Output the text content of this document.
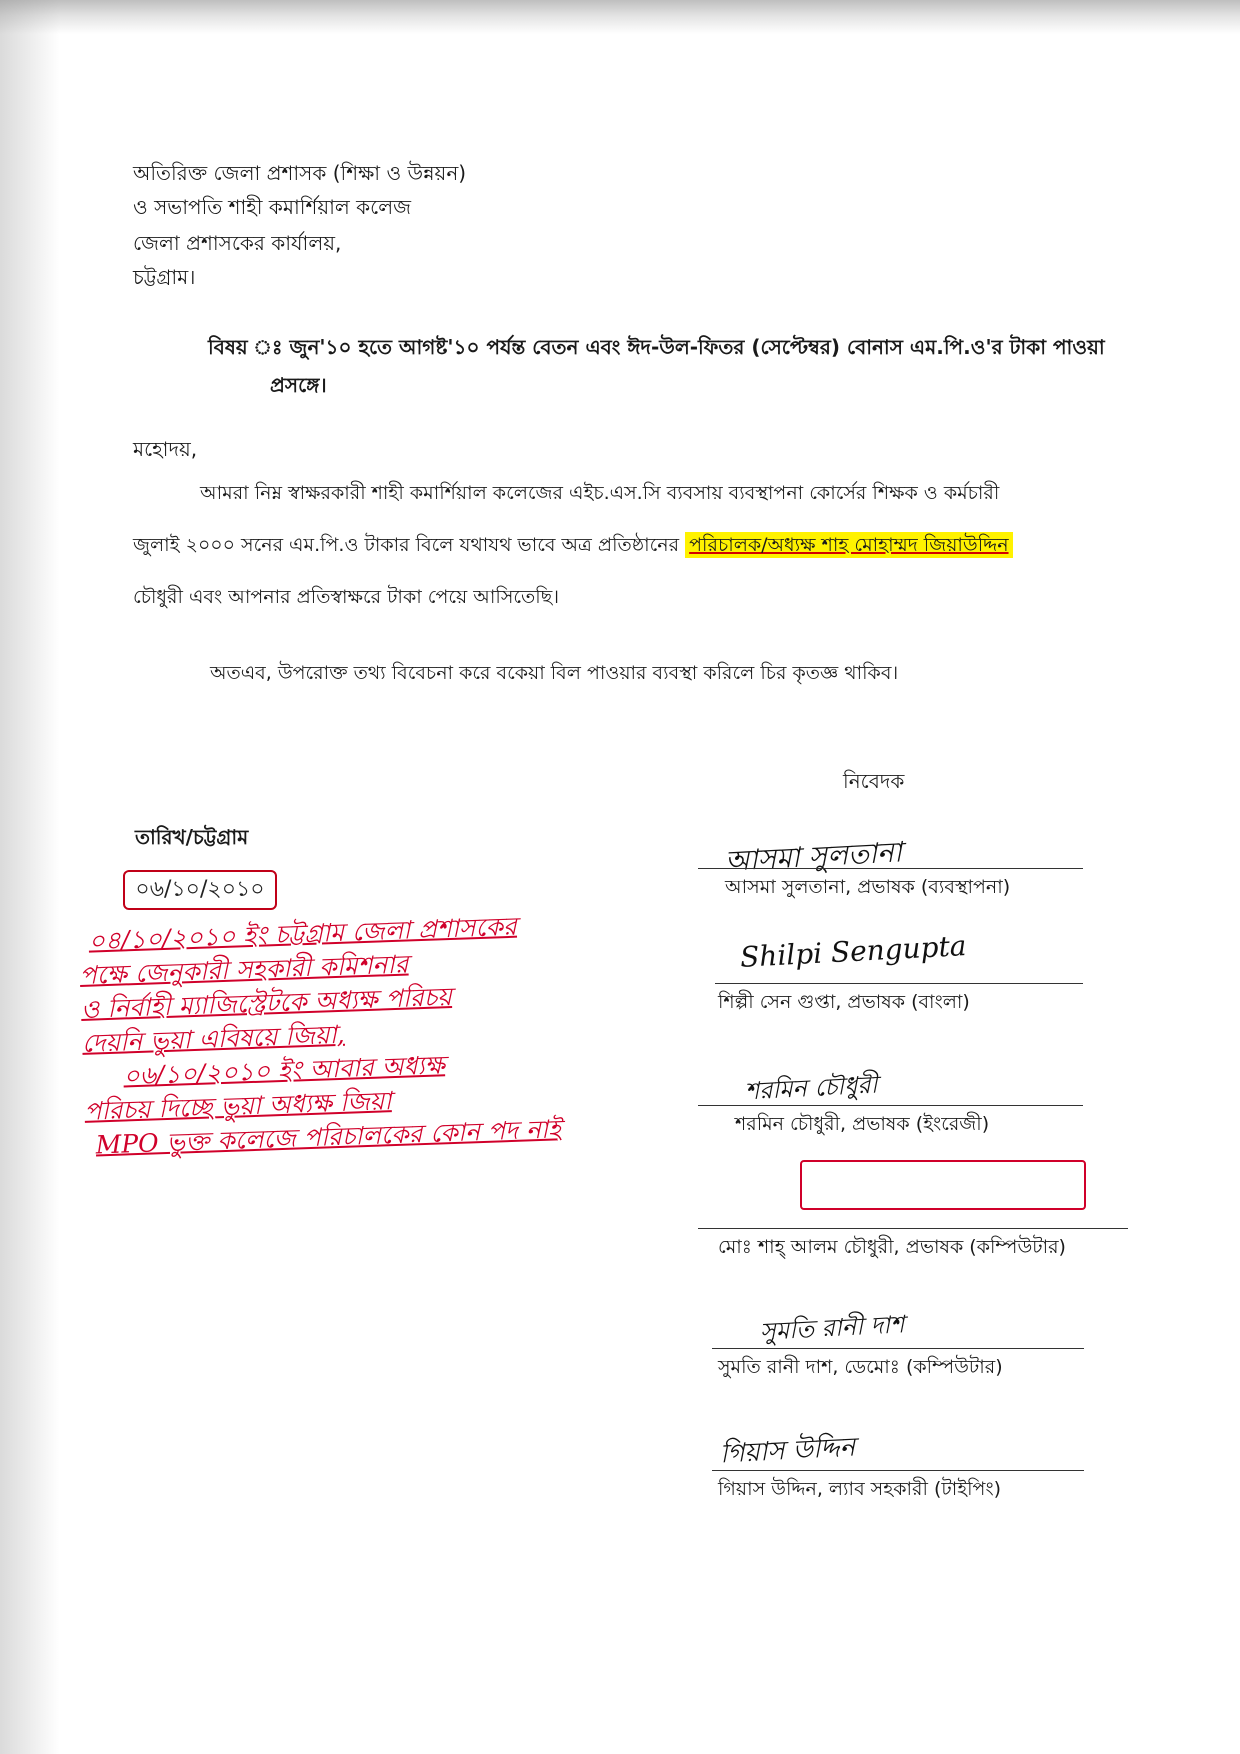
অতিরিক্ত জেলা প্রশাসক (শিক্ষা ও উন্নয়ন)
ও সভাপতি শাহী কমার্শিয়াল কলেজ
জেলা প্রশাসকের কার্যালয়,
চট্টগ্রাম।
বিষয় ঃ জুন'১০ হতে আগষ্ট'১০ পর্যন্ত বেতন এবং ঈদ-উল-ফিতর (সেপ্টেম্বর) বোনাস এম.পি.ও'র টাকা পাওয়া
প্রসঙ্গে।
মহোদয়,
আমরা নিম্ন স্বাক্ষরকারী শাহী কমার্শিয়াল কলেজের এইচ.এস.সি ব্যবসায় ব্যবস্থাপনা কোর্সের শিক্ষক ও কর্মচারী
জুলাই ২০০০ সনের এম.পি.ও টাকার বিলে যথাযথ ভাবে অত্র প্রতিষ্ঠানের পরিচালক/অধ্যক্ষ শাহ মোহাম্মদ জিয়াউদ্দিন
চৌধুরী এবং আপনার প্রতিস্বাক্ষরে টাকা পেয়ে আসিতেছি।
অতএব, উপরোক্ত তথ্য বিবেচনা করে বকেয়া বিল পাওয়ার ব্যবস্থা করিলে চির কৃতজ্ঞ থাকিব।
নিবেদক
তারিখ/চট্টগ্রাম
০৬/১০/২০১০
০৪/১০/২০১০ ইং চট্টগ্রাম জেলা প্রশাসকের
পক্ষে জেনুকারী সহকারী কমিশনার
ও নির্বাহী ম্যাজিস্ট্রেটকে অধ্যক্ষ পরিচয়
দেয়নি ভুয়া এবিষয়ে জিয়া,
০৬/১০/২০১০ ইং আবার অধ্যক্ষ
পরিচয় দিচ্ছে ভুয়া অধ্যক্ষ জিয়া
MPO ভুক্ত কলেজে পরিচালকের কোন পদ নাই
আসমা সুলতানা
আসমা সুলতানা, প্রভাষক (ব্যবস্থাপনা)
Shilpi Sengupta
শিল্পী সেন গুপ্তা, প্রভাষক (বাংলা)
শরমিন চৌধুরী
শরমিন চৌধুরী, প্রভাষক (ইংরেজী)
মোঃ শাহ্ আলম চৌধুরী, প্রভাষক (কম্পিউটার)
সুমতি রানী দাশ
সুমতি রানী দাশ, ডেমোঃ (কম্পিউটার)
গিয়াস উদ্দিন
গিয়াস উদ্দিন, ল্যাব সহকারী (টাইপিং)
